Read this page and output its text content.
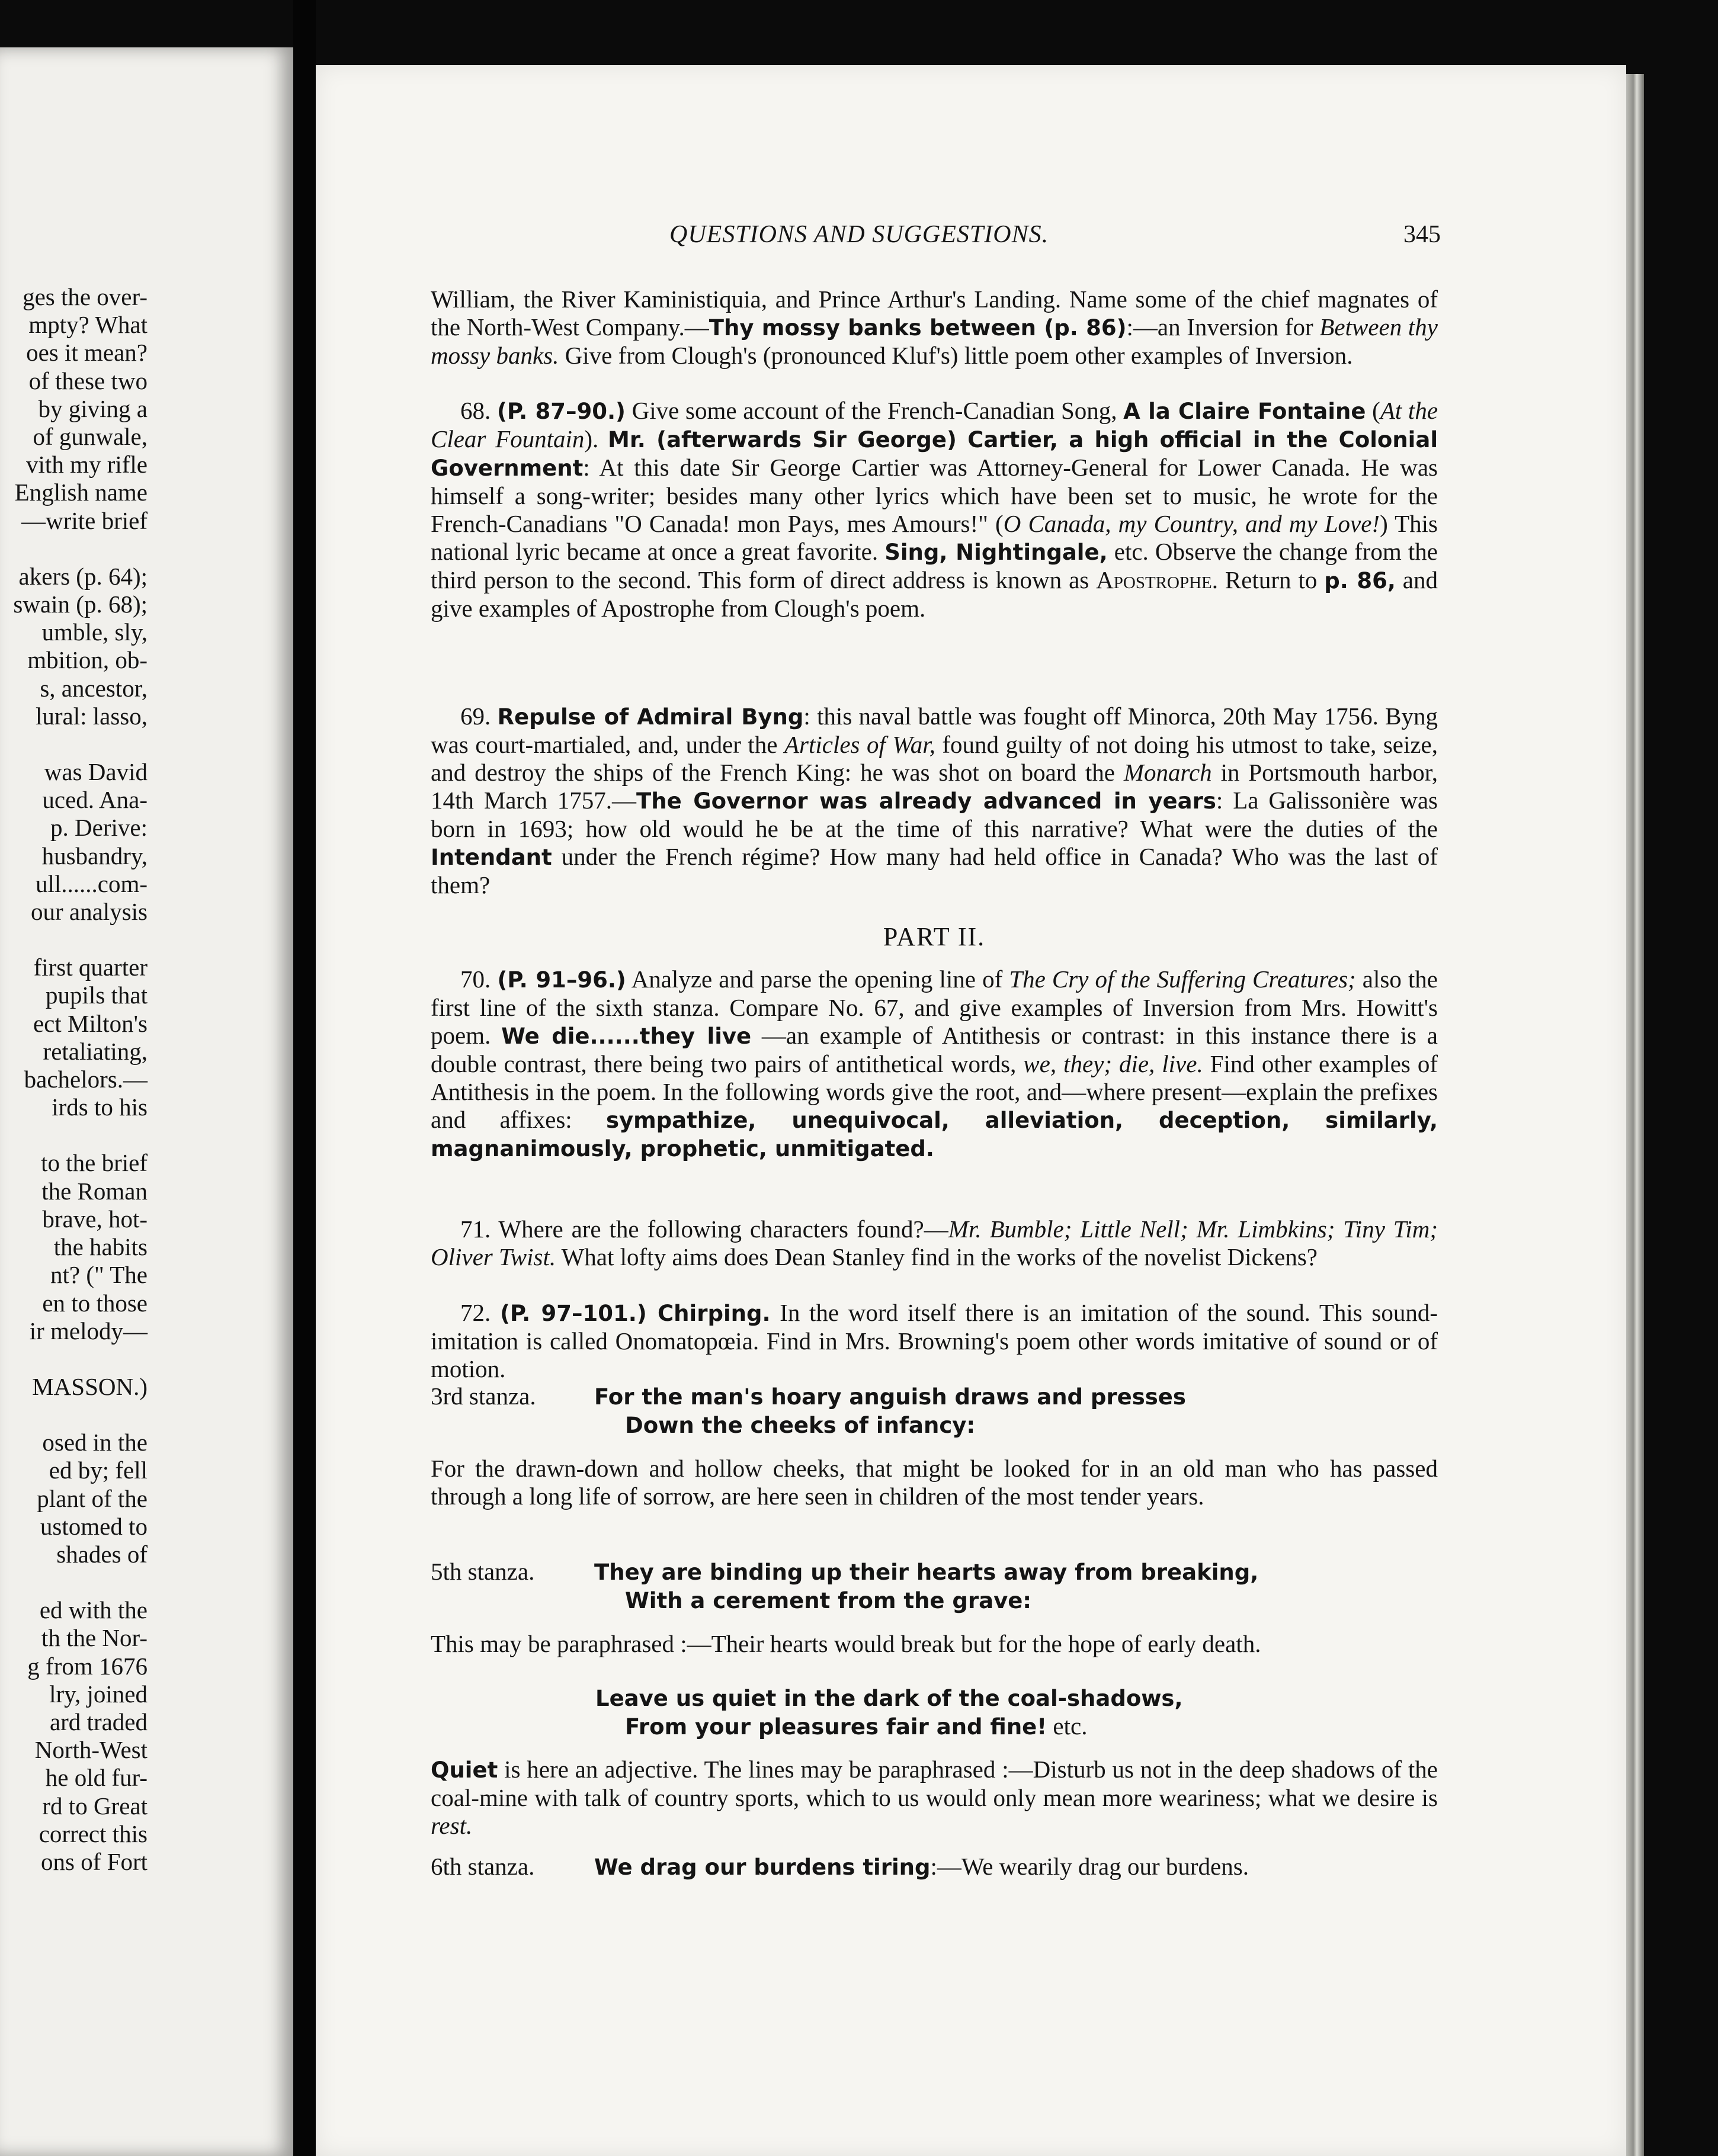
ges the over-
mpty? What
oes it mean?
of these two
by giving a
of gunwale,
vith my rifle
English name
—write brief
akers (p. 64);
swain (p. 68);
umble, sly,
mbition, ob-
s, ancestor,
lural: lasso,
was David
uced. Ana-
p. Derive:
husbandry,
ull......com-
our analysis
first quarter
pupils that
ect Milton's
retaliating,
bachelors.—
irds to his
to the brief
the Roman
brave, hot-
the habits
nt? (" The
en to those
ir melody—
MASSON.)
osed in the
ed by; fell
plant of the
ustomed to
shades of
ed with the
th the Nor-
g from 1676
lry, joined
ard traded
North-West
he old fur-
rd to Great
correct this
ons of Fort
QUESTIONS AND SUGGESTIONS.	345

William, the River Kaministiquia, and Prince Arthur's Landing. Name some of the chief magnates of the North-West Company.—Thy mossy banks between (p. 86):—an Inversion for Between thy mossy banks. Give from Clough's (pronounced Kluf's) little poem other examples of Inversion.

68. (P. 87–90.) Give some account of the French-Canadian Song, A la Claire Fontaine (At the Clear Fountain). Mr. (afterwards Sir George) Cartier, a high official in the Colonial Government: At this date Sir George Cartier was Attorney-General for Lower Canada. He was himself a song-writer; besides many other lyrics which have been set to music, he wrote for the French-Canadians "O Canada! mon Pays, mes Amours!" (O Canada, my Country, and my Love!) This national lyric became at once a great favorite. Sing, Nightingale, etc. Observe the change from the third person to the second. This form of direct address is known as Apostrophe. Return to p. 86, and give examples of Apostrophe from Clough's poem.

69. Repulse of Admiral Byng: this naval battle was fought off Minorca, 20th May 1756. Byng was court-martialed, and, under the Articles of War, found guilty of not doing his utmost to take, seize, and destroy the ships of the French King: he was shot on board the Monarch in Portsmouth harbor, 14th March 1757.—The Governor was already advanced in years: La Galissonière was born in 1693; how old would he be at the time of this narrative? What were the duties of the Intendant under the French régime? How many had held office in Canada? Who was the last of them?

PART II.

70. (P. 91–96.) Analyze and parse the opening line of The Cry of the Suffering Creatures; also the first line of the sixth stanza. Compare No. 67, and give examples of Inversion from Mrs. Howitt's poem. We die......they live —an example of Antithesis or contrast: in this instance there is a double contrast, there being two pairs of antithetical words, we, they; die, live. Find other examples of Antithesis in the poem. In the following words give the root, and—where present—explain the prefixes and affixes: sympathize, unequivocal, alleviation, deception, similarly, magnanimously, prophetic, unmitigated.

71. Where are the following characters found?—Mr. Bumble; Little Nell; Mr. Limbkins; Tiny Tim; Oliver Twist. What lofty aims does Dean Stanley find in the works of the novelist Dickens?

72. (P. 97–101.) Chirping. In the word itself there is an imitation of the sound. This sound-imitation is called Onomatopœia. Find in Mrs. Browning's poem other words imitative of sound or of motion.

3rd stanza.	For the man's hoary anguish draws and presses
Down the cheeks of infancy:

For the drawn-down and hollow cheeks, that might be looked for in an old man who has passed through a long life of sorrow, are here seen in children of the most tender years.

5th stanza.	They are binding up their hearts away from breaking,
With a cerement from the grave:

This may be paraphrased :—Their hearts would break but for the hope of early death.

Leave us quiet in the dark of the coal-shadows,
From your pleasures fair and fine! etc.

Quiet is here an adjective. The lines may be paraphrased :—Disturb us not in the deep shadows of the coal-mine with talk of country sports, which to us would only mean more weariness; what we desire is rest.

6th stanza.	We drag our burdens tiring:—We wearily drag our burdens.
